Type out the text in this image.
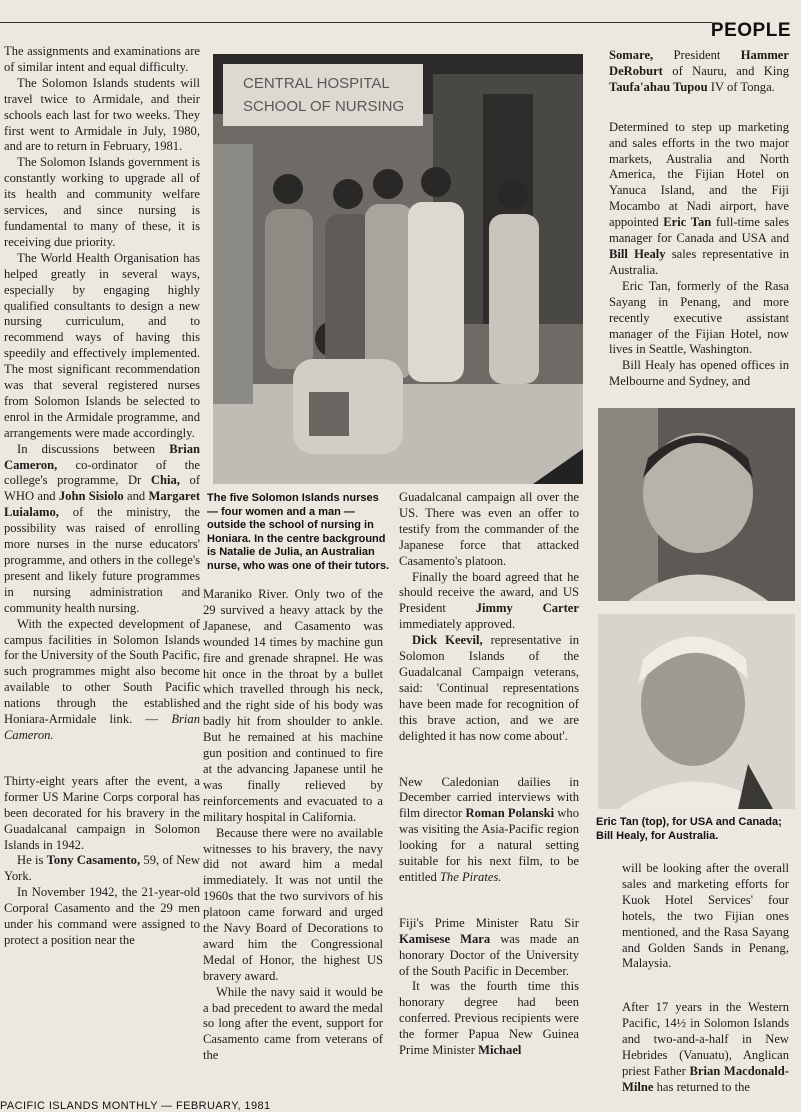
PEOPLE

The assignments and examinations are of similar intent and equal difficulty.

The Solomon Islands students will travel twice to Armidale, and their schools each last for two weeks. They first went to Armidale in July, 1980, and are to return in February, 1981.

The Solomon Islands government is constantly working to upgrade all of its health and community welfare services, and since nursing is fundamental to many of these, it is receiving due priority.

The World Health Organisation has helped greatly in several ways, especially by engaging highly qualified consultants to design a new nursing curriculum, and to recommend ways of having this speedily and effectively implemented. The most significant recommendation was that several registered nurses from Solomon Islands be selected to enrol in the Armidale programme, and arrangements were made accordingly.

In discussions between Brian Cameron, co-ordinator of the college's programme, Dr Chia, of WHO and John Sisiolo and Margaret Luialamo, of the ministry, the possibility was raised of enrolling more nurses in the nurse educators' programme, and others in the college's present and likely future programmes in nursing administration and community health nursing.

With the expected development of campus facilities in Solomon Islands for the University of the South Pacific, such programmes might also become available to other South Pacific nations through the established Honiara-Armidale link. — Brian Cameron.

Thirty-eight years after the event, a former US Marine Corps corporal has been decorated for his bravery in the Guadalcanal campaign in Solomon Islands in 1942.

He is Tony Casamento, 59, of New York.

In November 1942, the 21-year-old Corporal Casamento and the 29 men under his command were assigned to protect a position near the

CENTRAL HOSPITAL
SCHOOL OF NURSING
The five Solomon Islands nurses — four women and a man — outside the school of nursing in Honiara. In the centre background is Natalie de Julia, an Australian nurse, who was one of their tutors.

Maraniko River. Only two of the 29 survived a heavy attack by the Japanese, and Casamento was wounded 14 times by machine gun fire and grenade shrapnel. He was hit once in the throat by a bullet which travelled through his neck, and the right side of his body was badly hit from shoulder to ankle. But he remained at his machine gun position and continued to fire at the advancing Japanese until he was finally relieved by reinforcements and evacuated to a military hospital in California.

Because there were no available witnesses to his bravery, the navy did not award him a medal immediately. It was not until the 1960s that the two survivors of his platoon came forward and urged the Navy Board of Decorations to award him the Congressional Medal of Honor, the highest US bravery award.

While the navy said it would be a bad precedent to award the medal so long after the event, support for Casamento came from veterans of the

Guadalcanal campaign all over the US. There was even an offer to testify from the commander of the Japanese force that attacked Casamento's platoon.

Finally the board agreed that he should receive the award, and US President Jimmy Carter immediately approved.

Dick Keevil, representative in Solomon Islands of the Guadalcanal Campaign veterans, said: 'Continual representations have been made for recognition of this brave action, and we are delighted it has now come about'.

New Caledonian dailies in December carried interviews with film director Roman Polanski who was visiting the Asia-Pacific region looking for a natural setting suitable for his next film, to be entitled The Pirates.

Fiji's Prime Minister Ratu Sir Kamisese Mara was made an honorary Doctor of the University of the South Pacific in December.

It was the fourth time this honorary degree had been conferred. Previous recipients were the former Papua New Guinea Prime Minister Michael

Somare, President Hammer DeRoburt of Nauru, and King Taufa'ahau Tupou IV of Tonga.

Determined to step up marketing and sales efforts in the two major markets, Australia and North America, the Fijian Hotel on Yanuca Island, and the Fiji Mocambo at Nadi airport, have appointed Eric Tan full-time sales manager for Canada and USA and Bill Healy sales representative in Australia.

Eric Tan, formerly of the Rasa Sayang in Penang, and more recently executive assistant manager of the Fijian Hotel, now lives in Seattle, Washington.

Bill Healy has opened offices in Melbourne and Sydney, and

Eric Tan (top), for USA and Canada; Bill Healy, for Australia.

will be looking after the overall sales and marketing efforts for Kuok Hotel Services' four hotels, the two Fijian ones mentioned, and the Rasa Sayang and Golden Sands in Penang, Malaysia.

After 17 years in the Western Pacific, 14½ in Solomon Islands and two-and-a-half in New Hebrides (Vanuatu), Anglican priest Father Brian Macdonald-Milne has returned to the

PACIFIC ISLANDS MONTHLY — FEBRUARY, 1981
